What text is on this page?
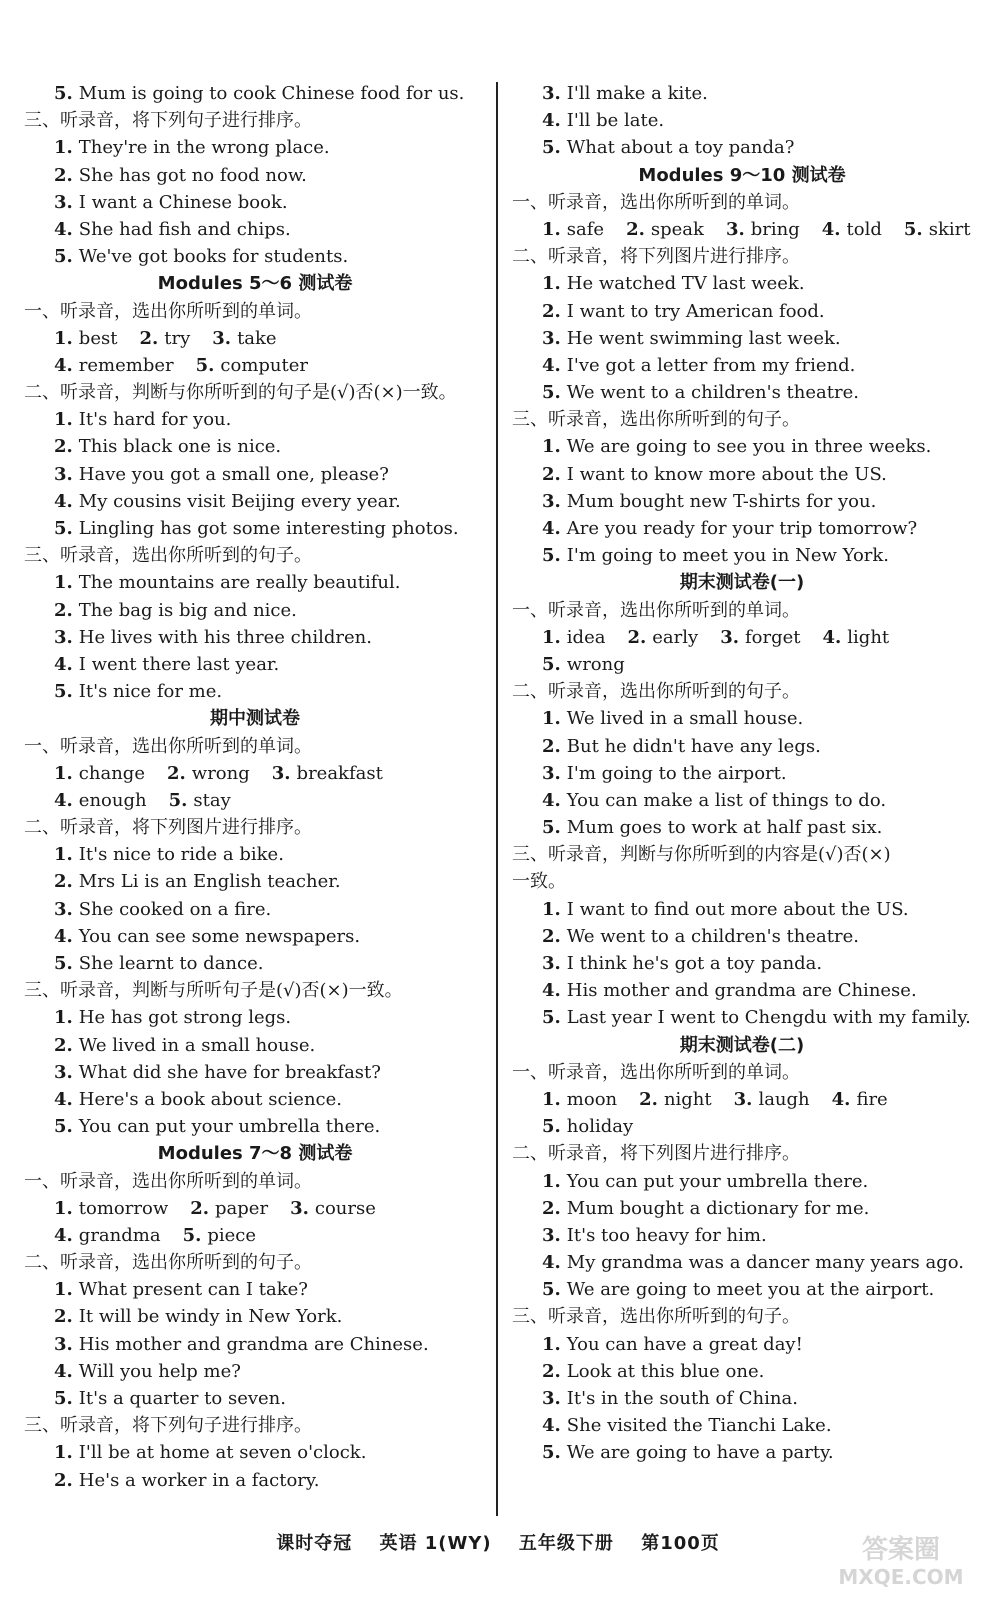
5. Mum is going to cook Chinese food for us.
三、听录音，将下列句子进行排序。
1. They're in the wrong place.
2. She has got no food now.
3. I want a Chinese book.
4. She had fish and chips.
5. We've got books for students.
Modules 5～6 测试卷
一、听录音，选出你所听到的单词。
1. best 2. try 3. take
4. remember 5. computer
二、听录音，判断与你所听到的句子是(√)否(×)一致。
1. It's hard for you.
2. This black one is nice.
3. Have you got a small one, please?
4. My cousins visit Beijing every year.
5. Lingling has got some interesting photos.
三、听录音，选出你所听到的句子。
1. The mountains are really beautiful.
2. The bag is big and nice.
3. He lives with his three children.
4. I went there last year.
5. It's nice for me.
期中测试卷
一、听录音，选出你所听到的单词。
1. change 2. wrong 3. breakfast
4. enough 5. stay
二、听录音，将下列图片进行排序。
1. It's nice to ride a bike.
2. Mrs Li is an English teacher.
3. She cooked on a fire.
4. You can see some newspapers.
5. She learnt to dance.
三、听录音，判断与所听句子是(√)否(×)一致。
1. He has got strong legs.
2. We lived in a small house.
3. What did she have for breakfast?
4. Here's a book about science.
5. You can put your umbrella there.
Modules 7～8 测试卷
一、听录音，选出你所听到的单词。
1. tomorrow 2. paper 3. course
4. grandma 5. piece
二、听录音，选出你所听到的句子。
1. What present can I take?
2. It will be windy in New York.
3. His mother and grandma are Chinese.
4. Will you help me?
5. It's a quarter to seven.
三、听录音，将下列句子进行排序。
1. I'll be at home at seven o'clock.
2. He's a worker in a factory.
3. I'll make a kite.
4. I'll be late.
5. What about a toy panda?
Modules 9～10 测试卷
一、听录音，选出你所听到的单词。
1. safe 2. speak 3. bring 4. told 5. skirt
二、听录音，将下列图片进行排序。
1. He watched TV last week.
2. I want to try American food.
3. He went swimming last week.
4. I've got a letter from my friend.
5. We went to a children's theatre.
三、听录音，选出你所听到的句子。
1. We are going to see you in three weeks.
2. I want to know more about the US.
3. Mum bought new T-shirts for you.
4. Are you ready for your trip tomorrow?
5. I'm going to meet you in New York.
期末测试卷(一)
一、听录音，选出你所听到的单词。
1. idea 2. early 3. forget 4. light
5. wrong
二、听录音，选出你所听到的句子。
1. We lived in a small house.
2. But he didn't have any legs.
3. I'm going to the airport.
4. You can make a list of things to do.
5. Mum goes to work at half past six.
三、听录音，判断与你所听到的内容是(√)否(×)
一致。
1. I want to find out more about the US.
2. We went to a children's theatre.
3. I think he's got a toy panda.
4. His mother and grandma are Chinese.
5. Last year I went to Chengdu with my family.
期末测试卷(二)
一、听录音，选出你所听到的单词。
1. moon 2. night 3. laugh 4. fire
5. holiday
二、听录音，将下列图片进行排序。
1. You can put your umbrella there.
2. Mum bought a dictionary for me.
3. It's too heavy for him.
4. My grandma was a dancer many years ago.
5. We are going to meet you at the airport.
三、听录音，选出你所听到的句子。
1. You can have a great day!
2. Look at this blue one.
3. It's in the south of China.
4. She visited the Tianchi Lake.
5. We are going to have a party.
课时夺冠 英语 1(WY) 五年级下册 第100页	答案圈
MXQE.COM
